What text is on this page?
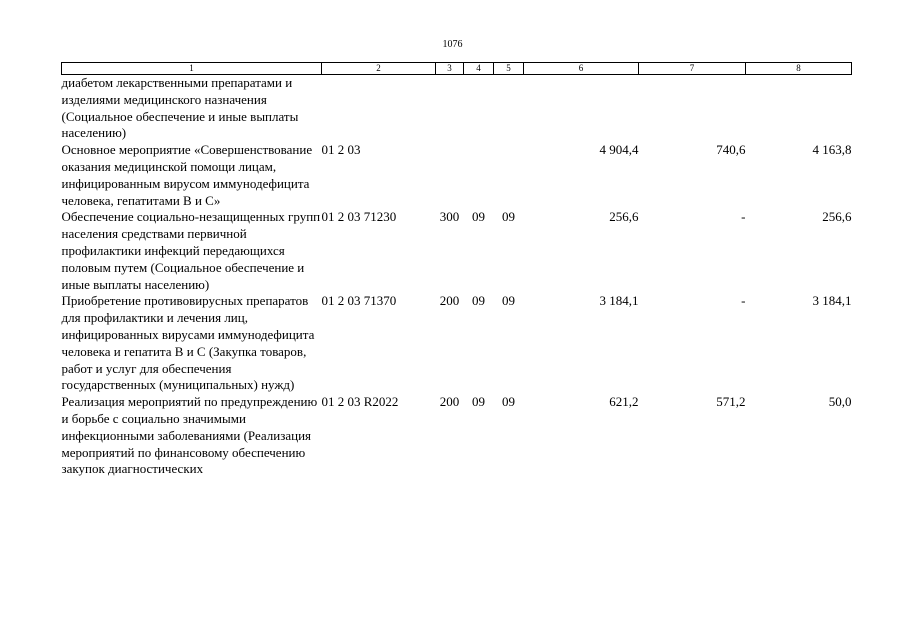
1076
1	2	3	4	5	6	7	8
диабетом лекарственными препаратами и изделиями медицинского назначения (Социальное обеспечение и иные выплаты населению)							
Основное мероприятие «Совершенствование оказания медицинской помощи лицам, инфицированным вирусом иммунодефицита человека, гепатитами В и С»	01 2 03				4 904,4	740,6	4 163,8
Обеспечение социально-незащищенных групп населения средствами первичной профилактики инфекций передающихся половым путем (Социальное обеспечение и иные выплаты населению)	01 2 03 71230	300	09	09	256,6	-	256,6
Приобретение противовирусных препаратов для профилактики и лечения лиц, инфицированных вирусами иммунодефицита человека и гепатита В и С (Закупка товаров, работ и услуг для обеспечения государственных (муниципальных) нужд)	01 2 03 71370	200	09	09	3 184,1	-	3 184,1
Реализация мероприятий по предупреждению и борьбе с социально значимыми инфекционными заболеваниями (Реализация мероприятий по финансовому обеспечению закупок диагностических	01 2 03 R2022	200	09	09	621,2	571,2	50,0
